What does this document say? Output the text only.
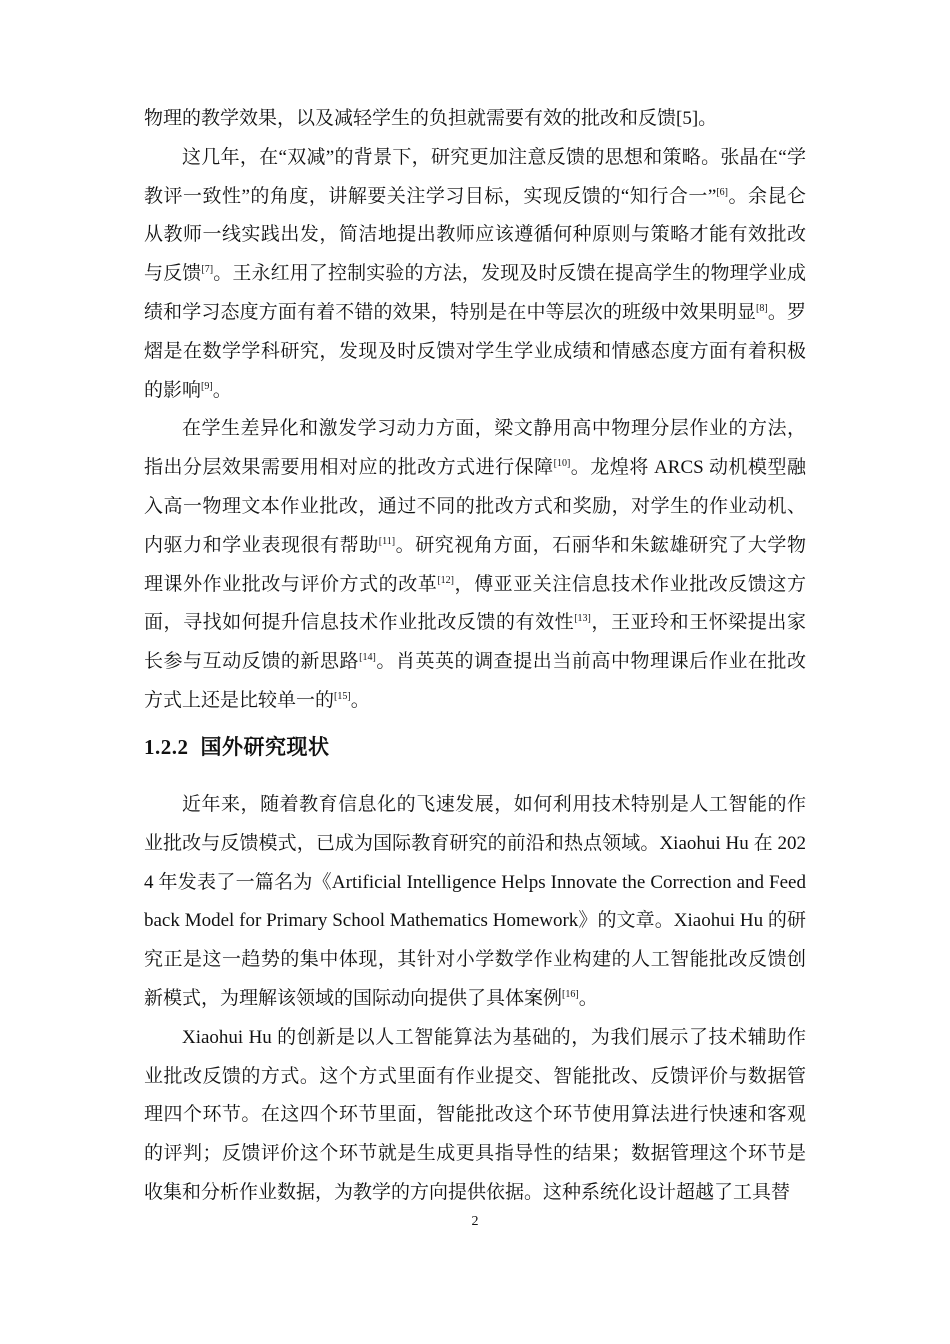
物理的教学效果，以及减轻学生的负担就需要有效的批改和反馈[5]。

这几年，在“双减”的背景下，研究更加注意反馈的思想和策略。张晶在“学教评一致性”的角度，讲解要关注学习目标，实现反馈的“知行合一”[6]。余昆仑从教师一线实践出发，简洁地提出教师应该遵循何种原则与策略才能有效批改与反馈[7]。王永红用了控制实验的方法，发现及时反馈在提高学生的物理学业成绩和学习态度方面有着不错的效果，特别是在中等层次的班级中效果明显[8]。罗熠是在数学学科研究，发现及时反馈对学生学业成绩和情感态度方面有着积极的影响[9]。

在学生差异化和激发学习动力方面，梁文静用高中物理分层作业的方法，指出分层效果需要用相对应的批改方式进行保障[10]。龙煌将 ARCS 动机模型融入高一物理文本作业批改，通过不同的批改方式和奖励，对学生的作业动机、内驱力和学业表现很有帮助[11]。研究视角方面，石丽华和朱鋐雄研究了大学物理课外作业批改与评价方式的改革[12]，傅亚亚关注信息技术作业批改反馈这方面，寻找如何提升信息技术作业批改反馈的有效性[13]，王亚玲和王怀梁提出家长参与互动反馈的新思路[14]。肖英英的调查提出当前高中物理课后作业在批改方式上还是比较单一的[15]。

1.2.2 国外研究现状

近年来，随着教育信息化的飞速发展，如何利用技术特别是人工智能的作业批改与反馈模式，已成为国际教育研究的前沿和热点领域。Xiaohui Hu 在 2024 年发表了一篇名为《Artificial Intelligence Helps Innovate the Correction and Feedback Model for Primary School Mathematics Homework》的文章。Xiaohui Hu 的研究正是这一趋势的集中体现，其针对小学数学作业构建的人工智能批改反馈创新模式，为理解该领域的国际动向提供了具体案例[16]。

Xiaohui Hu 的创新是以人工智能算法为基础的，为我们展示了技术辅助作业批改反馈的方式。这个方式里面有作业提交、智能批改、反馈评价与数据管理四个环节。在这四个环节里面，智能批改这个环节使用算法进行快速和客观的评判；反馈评价这个环节就是生成更具指导性的结果；数据管理这个环节是收集和分析作业数据，为教学的方向提供依据。这种系统化设计超越了工具替

2
